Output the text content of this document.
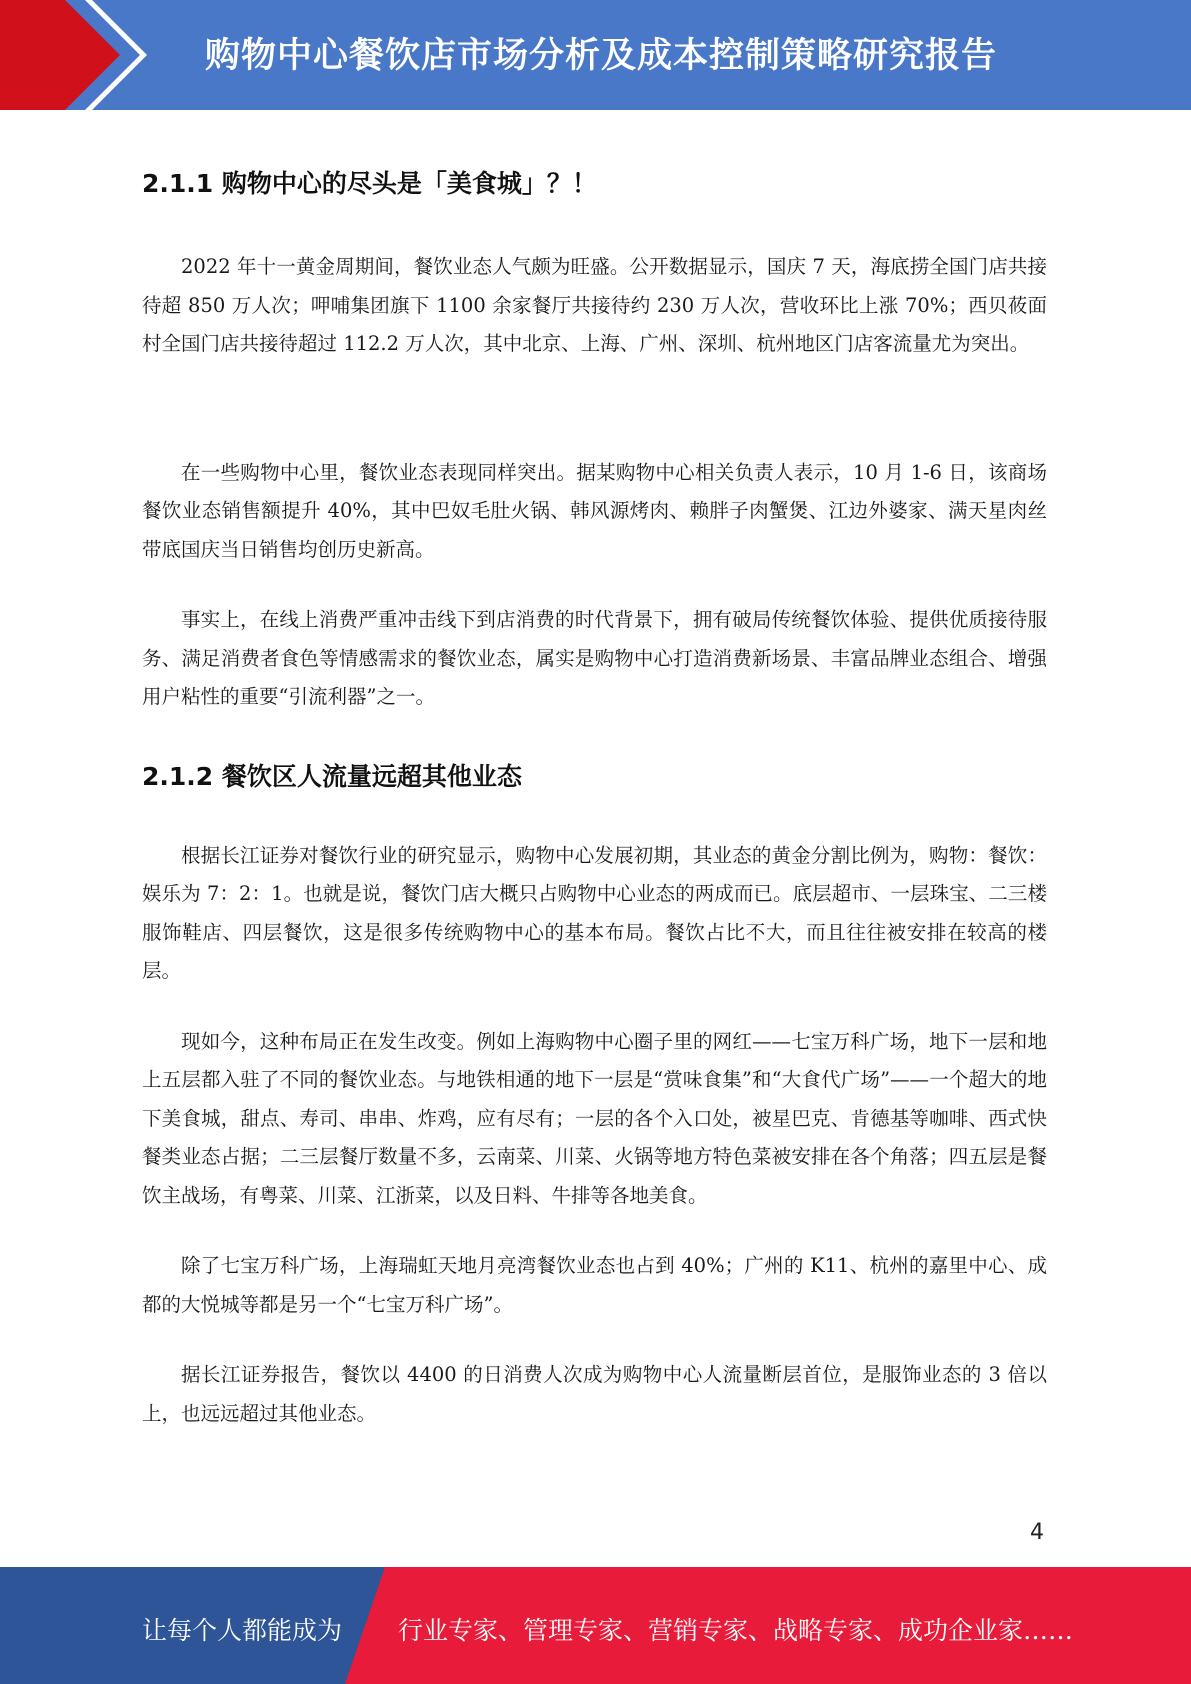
购物中心餐饮店市场分析及成本控制策略研究报告
2.1.1 购物中心的尽头是「美食城」？！

2022 年十一黄金周期间，餐饮业态人气颇为旺盛。公开数据显示，国庆 7 天，海底捞全国门店共接待超 850 万人次；呷哺集团旗下 1100 余家餐厅共接待约 230 万人次，营收环比上涨 70%；西贝莜面村全国门店共接待超过 112.2 万人次，其中北京、上海、广州、深圳、杭州地区门店客流量尤为突出。

在一些购物中心里，餐饮业态表现同样突出。据某购物中心相关负责人表示，10 月 1-6 日，该商场餐饮业态销售额提升 40%，其中巴奴毛肚火锅、韩风源烤肉、赖胖子肉蟹煲、江边外婆家、满天星肉丝带底国庆当日销售均创历史新高。

事实上，在线上消费严重冲击线下到店消费的时代背景下，拥有破局传统餐饮体验、提供优质接待服务、满足消费者食色等情感需求的餐饮业态，属实是购物中心打造消费新场景、丰富品牌业态组合、增强用户粘性的重要“引流利器”之一。

2.1.2 餐饮区人流量远超其他业态

根据长江证券对餐饮行业的研究显示，购物中心发展初期，其业态的黄金分割比例为，购物：餐饮：娱乐为 7：2：1。也就是说，餐饮门店大概只占购物中心业态的两成而已。底层超市、一层珠宝、二三楼服饰鞋店、四层餐饮，这是很多传统购物中心的基本布局。餐饮占比不大，而且往往被安排在较高的楼层。

现如今，这种布局正在发生改变。例如上海购物中心圈子里的网红——七宝万科广场，地下一层和地上五层都入驻了不同的餐饮业态。与地铁相通的地下一层是“赏味食集”和“大食代广场”——一个超大的地下美食城，甜点、寿司、串串、炸鸡，应有尽有；一层的各个入口处，被星巴克、肯德基等咖啡、西式快餐类业态占据；二三层餐厅数量不多，云南菜、川菜、火锅等地方特色菜被安排在各个角落；四五层是餐饮主战场，有粤菜、川菜、江浙菜，以及日料、牛排等各地美食。

除了七宝万科广场，上海瑞虹天地月亮湾餐饮业态也占到 40%；广州的 K11、杭州的嘉里中心、成都的大悦城等都是另一个“七宝万科广场”。

据长江证券报告，餐饮以 4400 的日消费人次成为购物中心人流量断层首位，是服饰业态的 3 倍以上，也远远超过其他业态。

4
让每个人都能成为 行业专家、管理专家、营销专家、战略专家、成功企业家……
